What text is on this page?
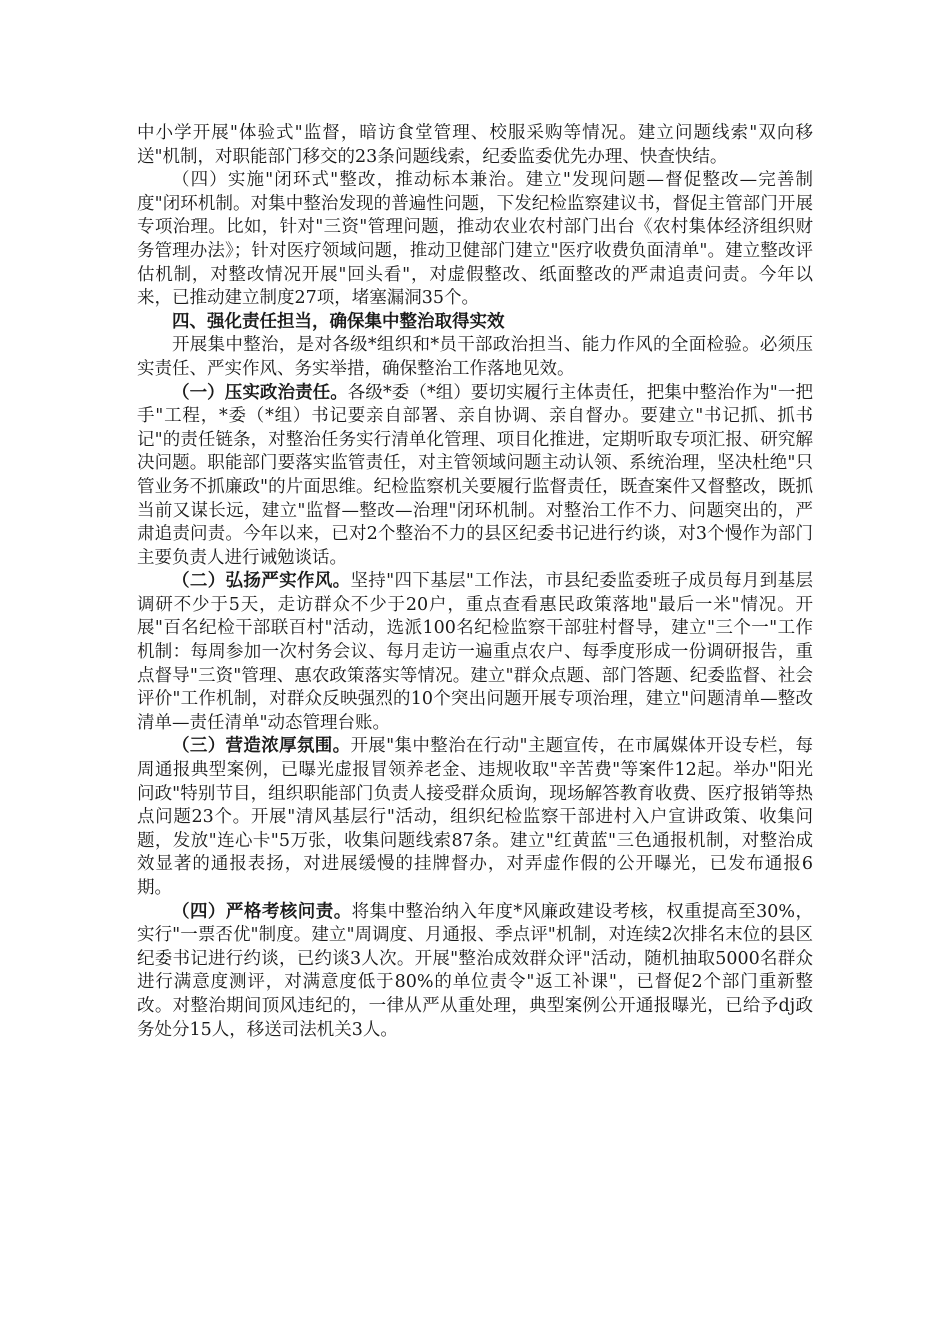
中小学开展"体验式"监督，暗访食堂管理、校服采购等情况。建立问题线索"双向移送"机制，对职能部门移交的23条问题线索，纪委监委优先办理、快查快结。

（四）实施"闭环式"整改，推动标本兼治。建立"发现问题—督促整改—完善制度"闭环机制。对集中整治发现的普遍性问题，下发纪检监察建议书，督促主管部门开展专项治理。比如，针对"三资"管理问题，推动农业农村部门出台《农村集体经济组织财务管理办法》；针对医疗领域问题，推动卫健部门建立"医疗收费负面清单"。建立整改评估机制，对整改情况开展"回头看"，对虚假整改、纸面整改的严肃追责问责。今年以来，已推动建立制度27项，堵塞漏洞35个。

四、强化责任担当，确保集中整治取得实效

开展集中整治，是对各级*组织和*员干部政治担当、能力作风的全面检验。必须压实责任、严实作风、务实举措，确保整治工作落地见效。

（一）压实政治责任。各级*委（*组）要切实履行主体责任，把集中整治作为"一把手"工程，*委（*组）书记要亲自部署、亲自协调、亲自督办。要建立"书记抓、抓书记"的责任链条，对整治任务实行清单化管理、项目化推进，定期听取专项汇报、研究解决问题。职能部门要落实监管责任，对主管领域问题主动认领、系统治理，坚决杜绝"只管业务不抓廉政"的片面思维。纪检监察机关要履行监督责任，既查案件又督整改，既抓当前又谋长远，建立"监督—整改—治理"闭环机制。对整治工作不力、问题突出的，严肃追责问责。今年以来，已对2个整治不力的县区纪委书记进行约谈，对3个慢作为部门主要负责人进行诫勉谈话。

（二）弘扬严实作风。坚持"四下基层"工作法，市县纪委监委班子成员每月到基层调研不少于5天，走访群众不少于20户，重点查看惠民政策落地"最后一米"情况。开展"百名纪检干部联百村"活动，选派100名纪检监察干部驻村督导，建立"三个一"工作机制：每周参加一次村务会议、每月走访一遍重点农户、每季度形成一份调研报告，重点督导"三资"管理、惠农政策落实等情况。建立"群众点题、部门答题、纪委监督、社会评价"工作机制，对群众反映强烈的10个突出问题开展专项治理，建立"问题清单—整改清单—责任清单"动态管理台账。

（三）营造浓厚氛围。开展"集中整治在行动"主题宣传，在市属媒体开设专栏，每周通报典型案例，已曝光虚报冒领养老金、违规收取"辛苦费"等案件12起。举办"阳光问政"特别节目，组织职能部门负责人接受群众质询，现场解答教育收费、医疗报销等热点问题23个。开展"清风基层行"活动，组织纪检监察干部进村入户宣讲政策、收集问题，发放"连心卡"5万张，收集问题线索87条。建立"红黄蓝"三色通报机制，对整治成效显著的通报表扬，对进展缓慢的挂牌督办，对弄虚作假的公开曝光，已发布通报6期。

（四）严格考核问责。将集中整治纳入年度*风廉政建设考核，权重提高至30%，实行"一票否优"制度。建立"周调度、月通报、季点评"机制，对连续2次排名末位的县区纪委书记进行约谈，已约谈3人次。开展"整治成效群众评"活动，随机抽取5000名群众进行满意度测评，对满意度低于80%的单位责令"返工补课"，已督促2个部门重新整改。对整治期间顶风违纪的，一律从严从重处理，典型案例公开通报曝光，已给予dj政务处分15人，移送司法机关3人。
